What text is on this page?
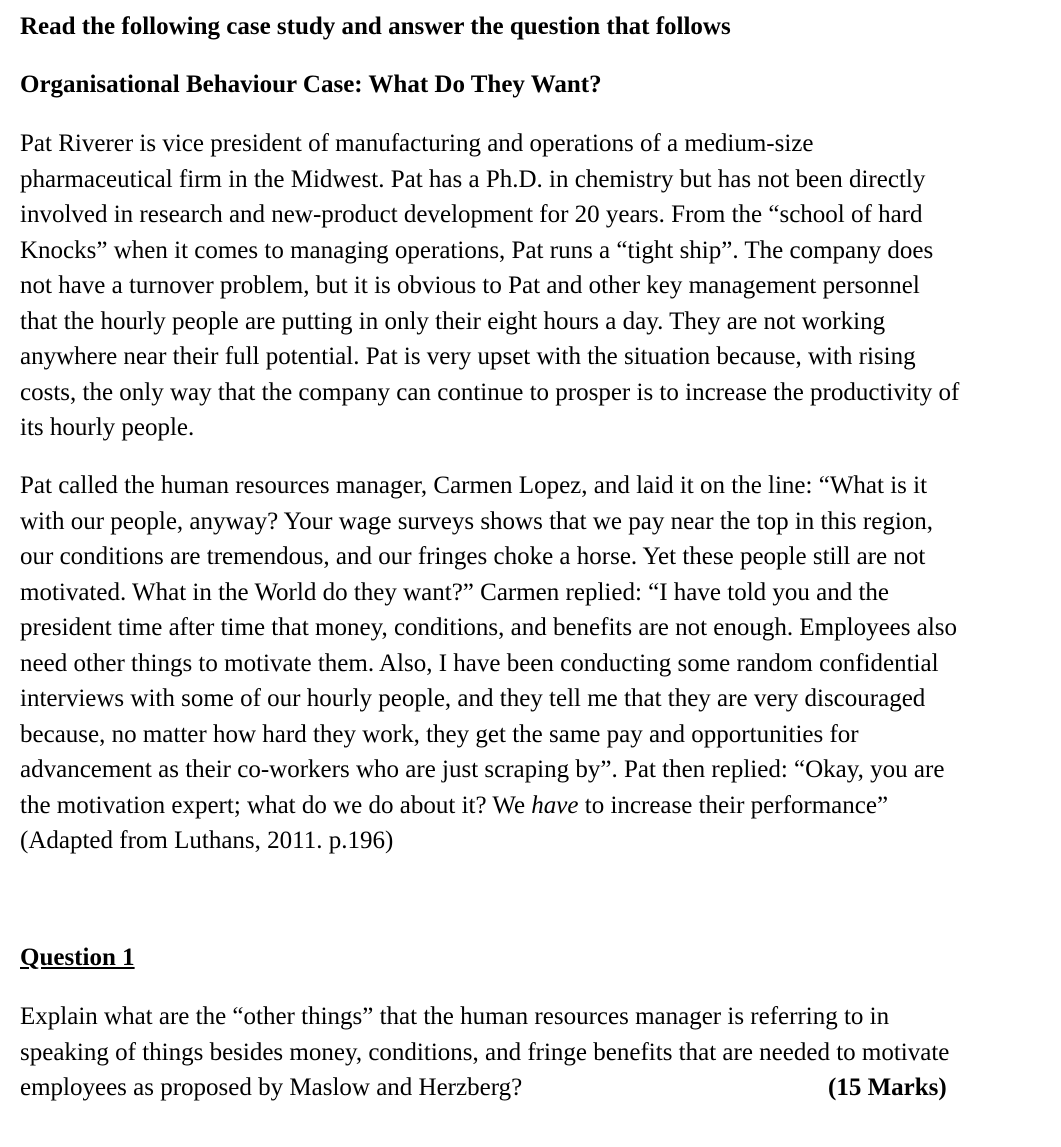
Read the following case study and answer the question that follows
Organisational Behaviour Case: What Do They Want?
Pat Riverer is vice president of manufacturing and operations of a medium-size
pharmaceutical firm in the Midwest. Pat has a Ph.D. in chemistry but has not been directly
involved in research and new-product development for 20 years. From the “school of hard
Knocks” when it comes to managing operations, Pat runs a “tight ship”. The company does
not have a turnover problem, but it is obvious to Pat and other key management personnel
that the hourly people are putting in only their eight hours a day. They are not working
anywhere near their full potential. Pat is very upset with the situation because, with rising
costs, the only way that the company can continue to prosper is to increase the productivity of
its hourly people.
Pat called the human resources manager, Carmen Lopez, and laid it on the line: “What is it
with our people, anyway? Your wage surveys shows that we pay near the top in this region,
our conditions are tremendous, and our fringes choke a horse. Yet these people still are not
motivated. What in the World do they want?” Carmen replied: “I have told you and the
president time after time that money, conditions, and benefits are not enough. Employees also
need other things to motivate them. Also, I have been conducting some random confidential
interviews with some of our hourly people, and they tell me that they are very discouraged
because, no matter how hard they work, they get the same pay and opportunities for
advancement as their co-workers who are just scraping by”. Pat then replied: “Okay, you are
the motivation expert; what do we do about it? We have to increase their performance”
(Adapted from Luthans, 2011. p.196)
Question 1
Explain what are the “other things” that the human resources manager is referring to in
speaking of things besides money, conditions, and fringe benefits that are needed to motivate
employees as proposed by Maslow and Herzberg?	(15 Marks)
